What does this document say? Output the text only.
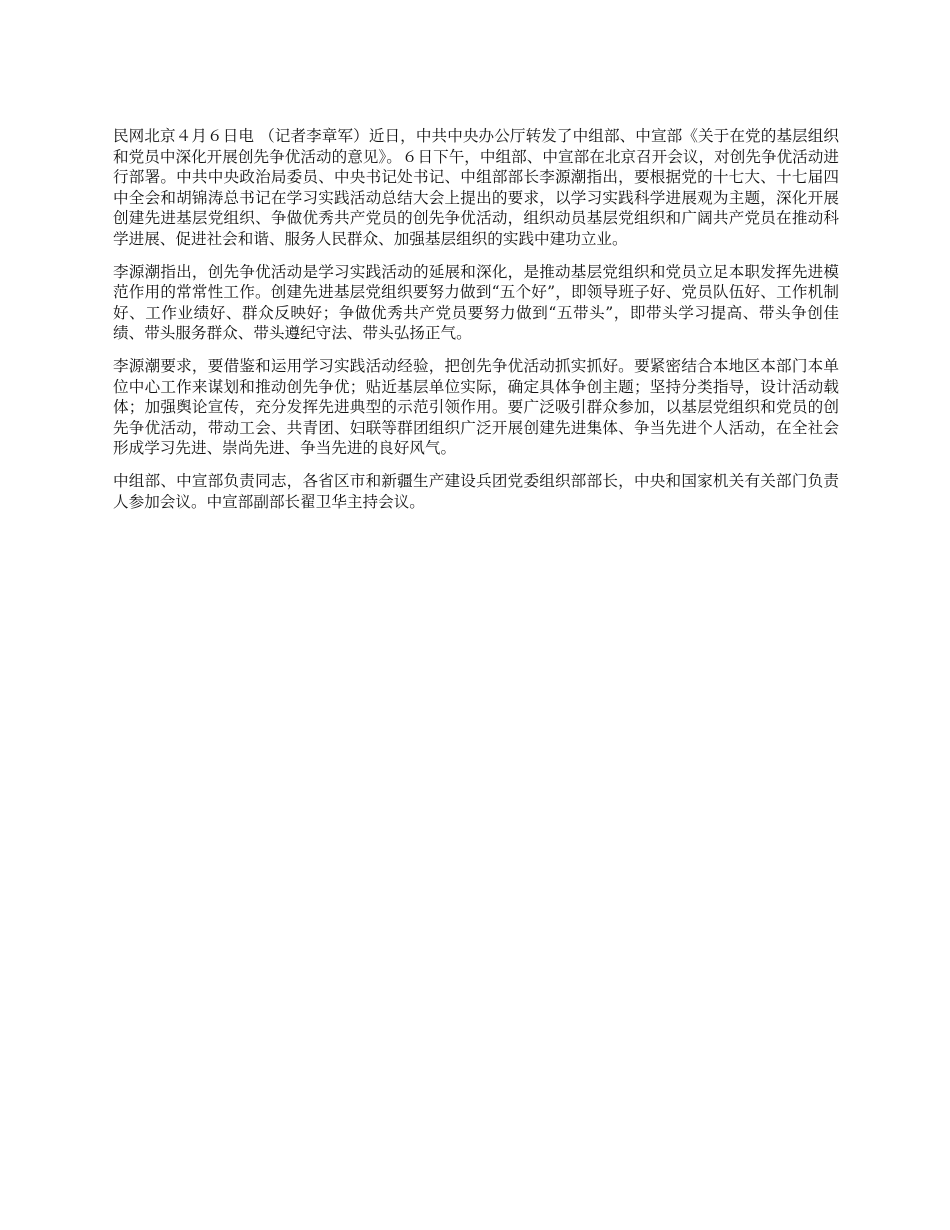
民网北京４月６日电 （记者李章军）近日，中共中央办公厅转发了中组部、中宣部《关于在党的基层组织和党员中深化开展创先争优活动的意见》。６日下午，中组部、中宣部在北京召开会议，对创先争优活动进行部署。中共中央政治局委员、中央书记处书记、中组部部长李源潮指出，要根据党的十七大、十七届四中全会和胡锦涛总书记在学习实践活动总结大会上提出的要求，以学习实践科学进展观为主题，深化开展创建先进基层党组织、争做优秀共产党员的创先争优活动，组织动员基层党组织和广阔共产党员在推动科学进展、促进社会和谐、服务人民群众、加强基层组织的实践中建功立业。

李源潮指出，创先争优活动是学习实践活动的延展和深化，是推动基层党组织和党员立足本职发挥先进模范作用的常常性工作。创建先进基层党组织要努力做到“五个好”，即领导班子好、党员队伍好、工作机制好、工作业绩好、群众反映好；争做优秀共产党员要努力做到“五带头”，即带头学习提高、带头争创佳绩、带头服务群众、带头遵纪守法、带头弘扬正气。

李源潮要求，要借鉴和运用学习实践活动经验，把创先争优活动抓实抓好。要紧密结合本地区本部门本单位中心工作来谋划和推动创先争优；贴近基层单位实际，确定具体争创主题；坚持分类指导，设计活动载体；加强舆论宣传，充分发挥先进典型的示范引领作用。要广泛吸引群众参加，以基层党组织和党员的创先争优活动，带动工会、共青团、妇联等群团组织广泛开展创建先进集体、争当先进个人活动，在全社会形成学习先进、崇尚先进、争当先进的良好风气。

中组部、中宣部负责同志，各省区市和新疆生产建设兵团党委组织部部长，中央和国家机关有关部门负责人参加会议。中宣部副部长翟卫华主持会议。
